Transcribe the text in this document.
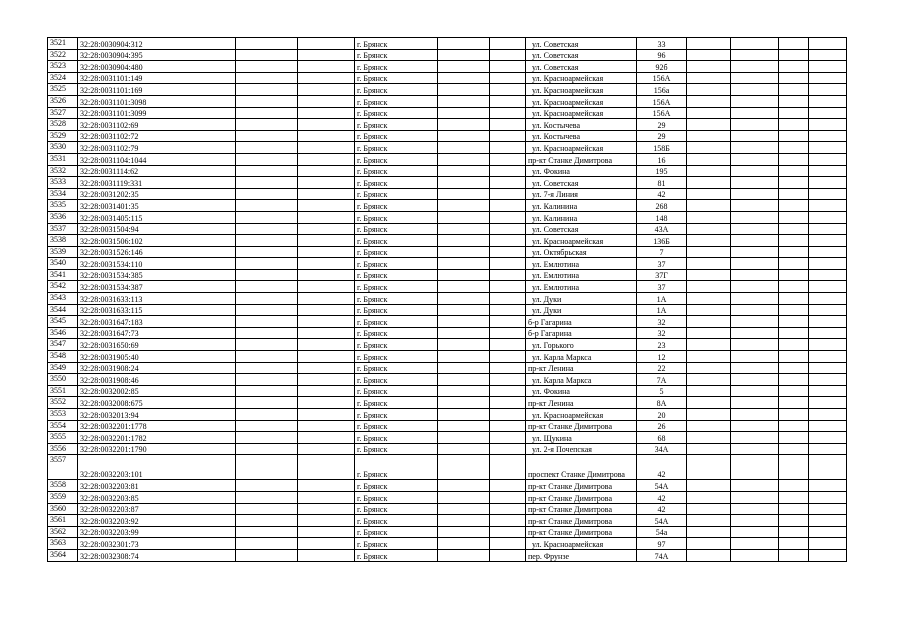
3521	32:28:0030904:312			г. Брянск			ул. Советская	33				
3522	32:28:0030904:395			г. Брянск			ул. Советская	96				
3523	32:28:0030904:480			г. Брянск			ул. Советская	92б				
3524	32:28:0031101:149			г. Брянск			ул. Красноармейская	156А				
3525	32:28:0031101:169			г. Брянск			ул. Красноармейская	156а				
3526	32:28:0031101:3098			г. Брянск			ул. Красноармейская	156А				
3527	32:28:0031101:3099			г. Брянск			ул. Красноармейская	156А				
3528	32:28:0031102:69			г. Брянск			ул. Костычева	29				
3529	32:28:0031102:72			г. Брянск			ул. Костычева	29				
3530	32:28:0031102:79			г. Брянск			ул. Красноармейская	158Б				
3531	32:28:0031104:1044			г. Брянск			пр-кт Станке Димитрова	16				
3532	32:28:0031114:62			г. Брянск			ул. Фокина	195				
3533	32:28:0031119:331			г. Брянск			ул. Советская	81				
3534	32:28:0031202:35			г. Брянск			ул. 7-я Линия	42				
3535	32:28:0031401:35			г. Брянск			ул. Калинина	268				
3536	32:28:0031405:115			г. Брянск			ул. Калинина	148				
3537	32:28:0031504:94			г. Брянск			ул. Советская	43А				
3538	32:28:0031506:102			г. Брянск			ул. Красноармейская	136Б				
3539	32:28:0031526:146			г. Брянск			ул. Октябрьская	7				
3540	32:28:0031534:110			г. Брянск			ул. Емлютина	37				
3541	32:28:0031534:385			г. Брянск			ул. Емлютина	37Г				
3542	32:28:0031534:387			г. Брянск			ул. Емлютина	37				
3543	32:28:0031633:113			г. Брянск			ул. Дуки	1А				
3544	32:28:0031633:115			г. Брянск			ул. Дуки	1А				
3545	32:28:0031647:183			г. Брянск			б-р Гагарина	32				
3546	32:28:0031647:73			г. Брянск			б-р Гагарина	32				
3547	32:28:0031650:69			г. Брянск			ул. Горького	23				
3548	32:28:0031905:40			г. Брянск			ул. Карла Маркса	12				
3549	32:28:0031908:24			г. Брянск			пр-кт Ленина	22				
3550	32:28:0031908:46			г. Брянск			ул. Карла Маркса	7А				
3551	32:28:0032002:85			г. Брянск			ул. Фокина	5				
3552	32:28:0032008:675			г. Брянск			пр-кт Ленина	8А				
3553	32:28:0032013:94			г. Брянск			ул. Красноармейская	20				
3554	32:28:0032201:1778			г. Брянск			пр-кт Станке Димитрова	26				
3555	32:28:0032201:1782			г. Брянск			ул. Щукина	68				
3556	32:28:0032201:1790			г. Брянск			ул. 2-я Почепская	34А				
3557	32:28:0032203:101			г. Брянск			проспект Станке Димитрова	42				
3558	32:28:0032203:81			г. Брянск			пр-кт Станке Димитрова	54А				
3559	32:28:0032203:85			г. Брянск			пр-кт Станке Димитрова	42				
3560	32:28:0032203:87			г. Брянск			пр-кт Станке Димитрова	42				
3561	32:28:0032203:92			г. Брянск			пр-кт Станке Димитрова	54А				
3562	32:28:0032203:99			г. Брянск			пр-кт Станке Димитрова	54а				
3563	32:28:0032301:73			г. Брянск			ул. Красноармейская	97				
3564	32:28:0032308:74			г. Брянск			пер. Фрунзе	74А				
